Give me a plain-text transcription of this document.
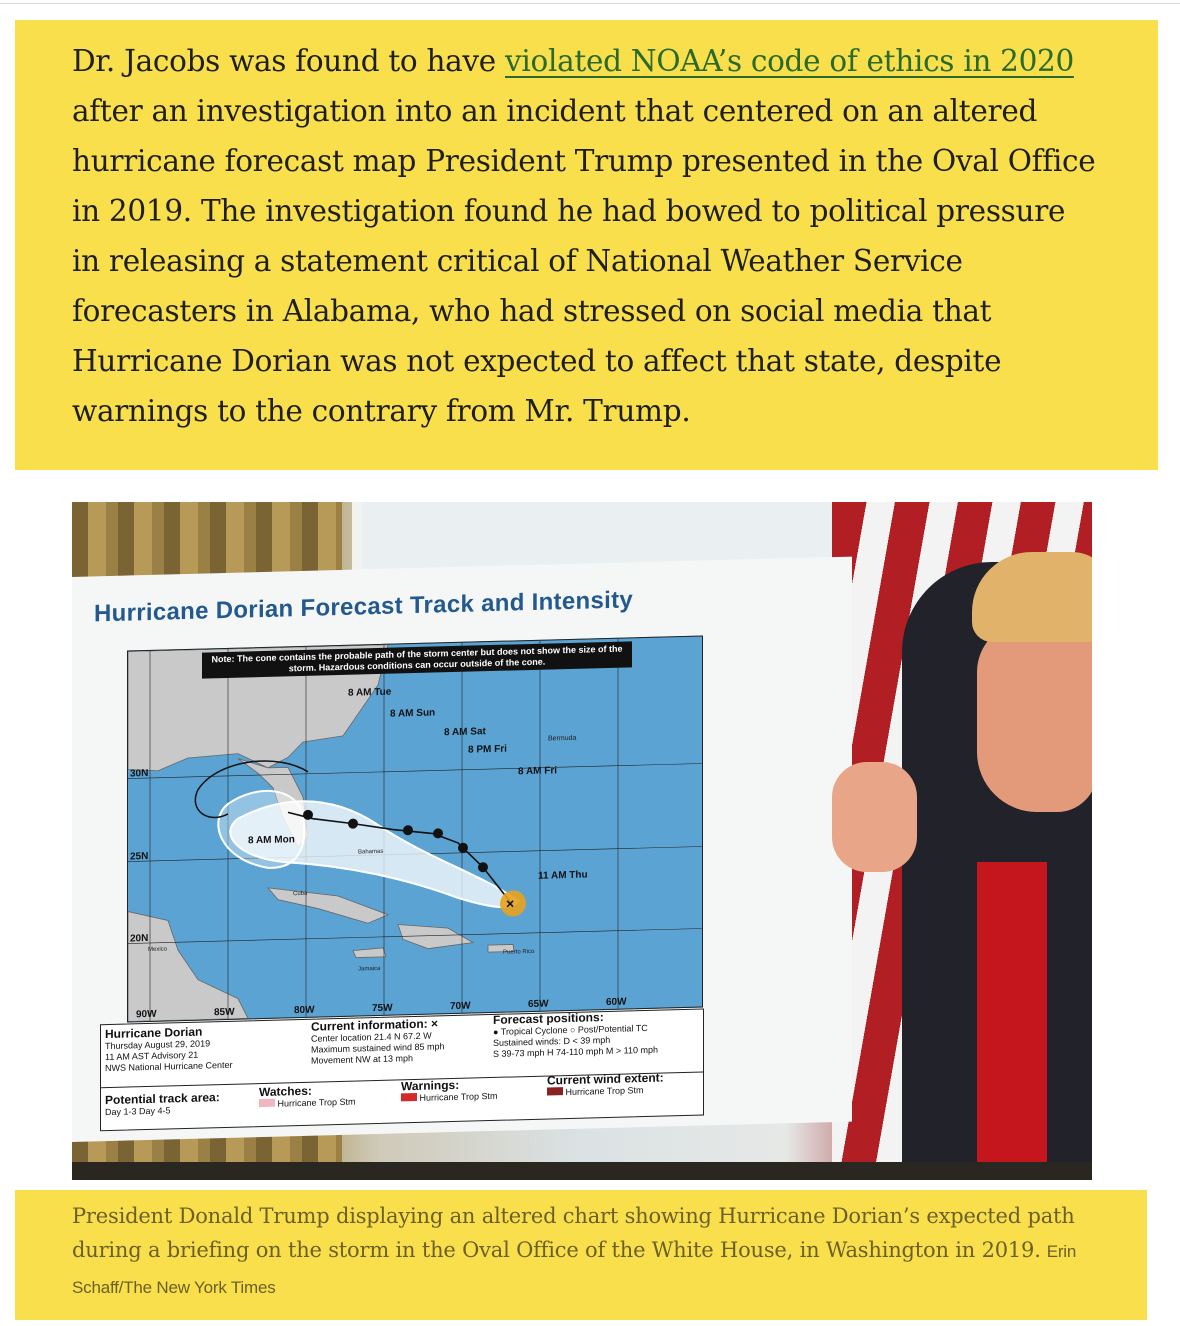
Dr. Jacobs was found to have violated NOAA’s code of ethics in 2020 after an investigation into an incident that centered on an altered hurricane forecast map President Trump presented in the Oval Office in 2019. The investigation found he had bowed to political pressure in releasing a statement critical of National Weather Service forecasters in Alabama, who had stressed on social media that Hurricane Dorian was not expected to affect that state, despite warnings to the contrary from Mr. Trump.

Hurricane Dorian Forecast Track and Intensity
×
8 AM Tue
8 AM Sun
8 AM Sat
8 PM Fri
8 AM Fri
11 AM Thu
8 AM Mon
30N
25N
20N
90W	85W	80W	75W	70W	65W	60W
Bermuda
Bahamas
Cuba
Mexico
Jamaica
Puerto Rico
Note: The cone contains the probable path of the storm center but does not show the size of the storm. Hazardous conditions can occur outside of the cone.
Hurricane Dorian
Thursday August 29, 2019
11 AM AST Advisory 21
NWS National Hurricane Center
Current information: ×
Center location 21.4 N 67.2 W
Maximum sustained wind 85 mph
Movement NW at 13 mph
Forecast positions:
● Tropical Cyclone ○ Post/Potential TC
Sustained winds: D < 39 mph
S 39-73 mph H 74-110 mph M > 110 mph
Potential track area:
Day 1-3 Day 4-5
Watches:
Hurricane Trop Stm
Warnings:
Hurricane Trop Stm
Current wind extent:
Hurricane Trop Stm

President Donald Trump displaying an altered chart showing Hurricane Dorian’s expected path during a briefing on the storm in the Oval Office of the White House, in Washington in 2019. Erin Schaff/The New York Times
